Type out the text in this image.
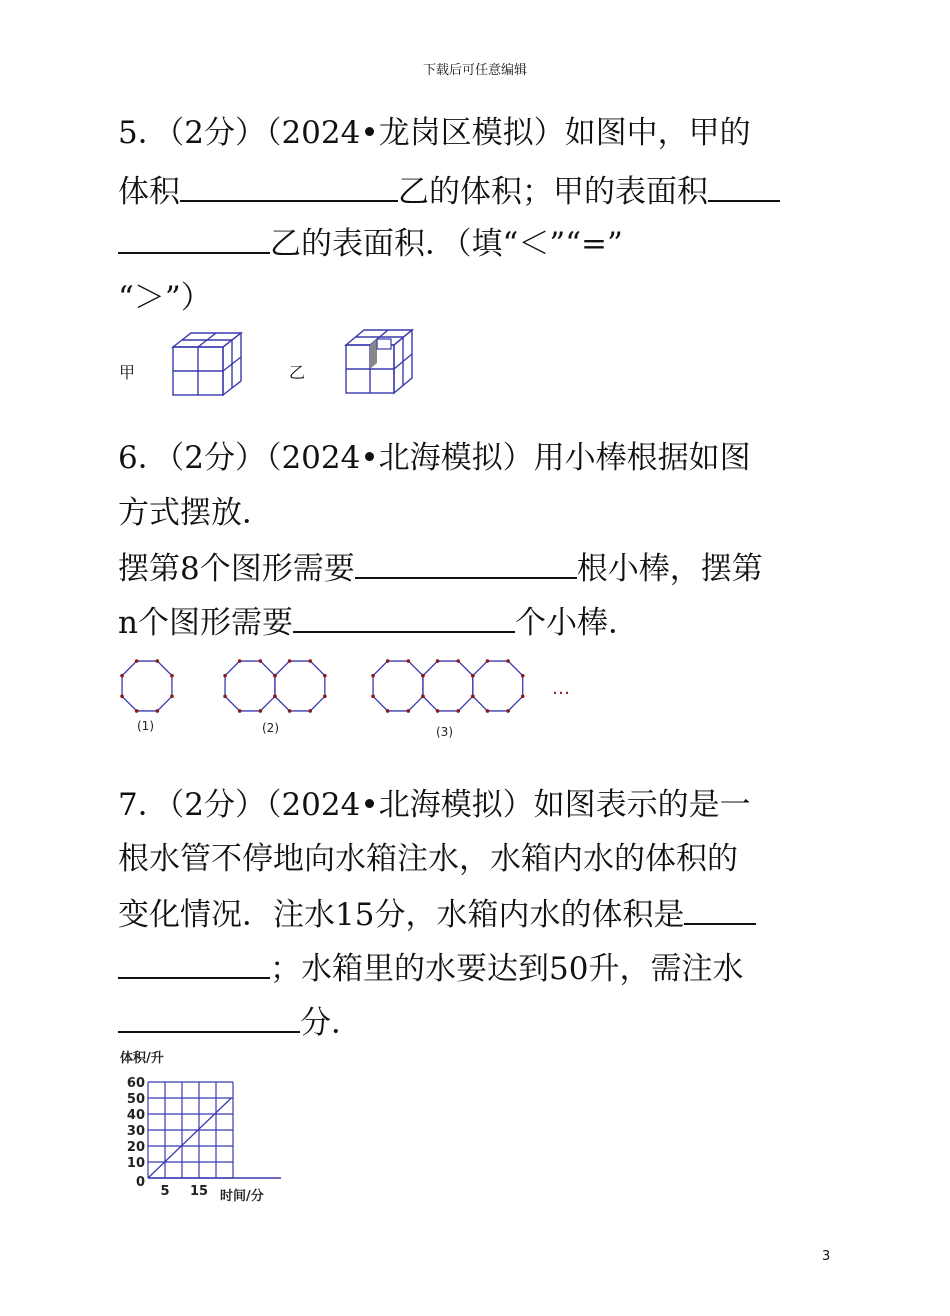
下载后可任意编辑
5．（2分）（2024•龙岗区模拟）如图中，甲的
体积	乙的体积；甲的表面积
乙的表面积．（填“＜”“=”
“＞”）
甲	乙
6．（2分）（2024•北海模拟）用小棒根据如图
方式摆放．
摆第8个图形需要	根小棒，摆第
n个图形需要	个小棒．
(1)	(2)	(3)
…
7．（2分）（2024•北海模拟）如图表示的是一
根水管不停地向水箱注水，水箱内水的体积的
变化情况．注水15分，水箱内水的体积是
；水箱里的水要达到50升，需注水
分．
体积/升
60
50
40
30
20
10
0
5 15 时间/分
3
